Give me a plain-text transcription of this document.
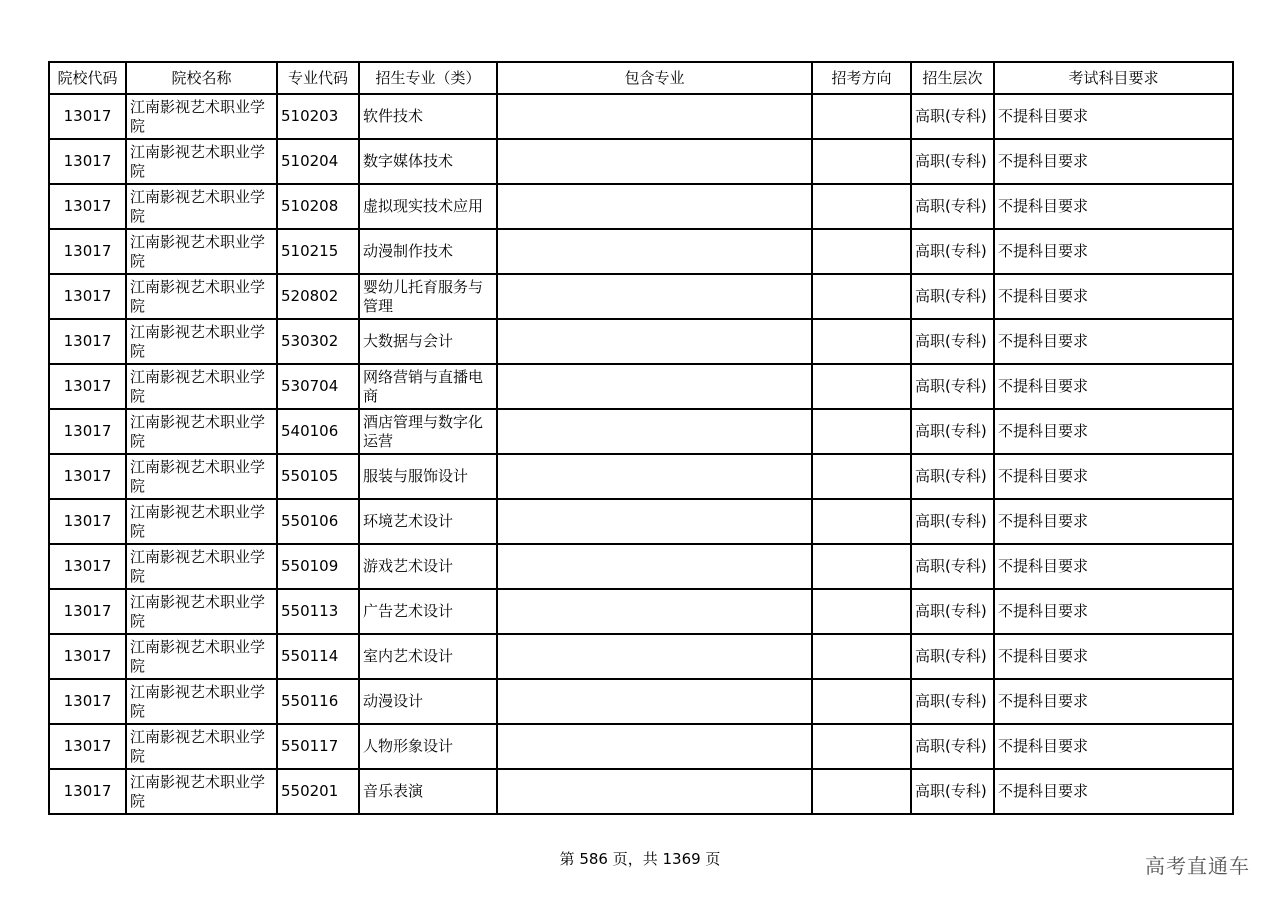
院校代码	院校名称	专业代码	招生专业（类）	包含专业	招考方向	招生层次	考试科目要求
13017	江南影视艺术职业学院	510203	软件技术			高职(专科)	不提科目要求
13017	江南影视艺术职业学院	510204	数字媒体技术			高职(专科)	不提科目要求
13017	江南影视艺术职业学院	510208	虚拟现实技术应用			高职(专科)	不提科目要求
13017	江南影视艺术职业学院	510215	动漫制作技术			高职(专科)	不提科目要求
13017	江南影视艺术职业学院	520802	婴幼儿托育服务与管理			高职(专科)	不提科目要求
13017	江南影视艺术职业学院	530302	大数据与会计			高职(专科)	不提科目要求
13017	江南影视艺术职业学院	530704	网络营销与直播电商			高职(专科)	不提科目要求
13017	江南影视艺术职业学院	540106	酒店管理与数字化运营			高职(专科)	不提科目要求
13017	江南影视艺术职业学院	550105	服装与服饰设计			高职(专科)	不提科目要求
13017	江南影视艺术职业学院	550106	环境艺术设计			高职(专科)	不提科目要求
13017	江南影视艺术职业学院	550109	游戏艺术设计			高职(专科)	不提科目要求
13017	江南影视艺术职业学院	550113	广告艺术设计			高职(专科)	不提科目要求
13017	江南影视艺术职业学院	550114	室内艺术设计			高职(专科)	不提科目要求
13017	江南影视艺术职业学院	550116	动漫设计			高职(专科)	不提科目要求
13017	江南影视艺术职业学院	550117	人物形象设计			高职(专科)	不提科目要求
13017	江南影视艺术职业学院	550201	音乐表演			高职(专科)	不提科目要求
第 586 页，共 1369 页	高考直通车
